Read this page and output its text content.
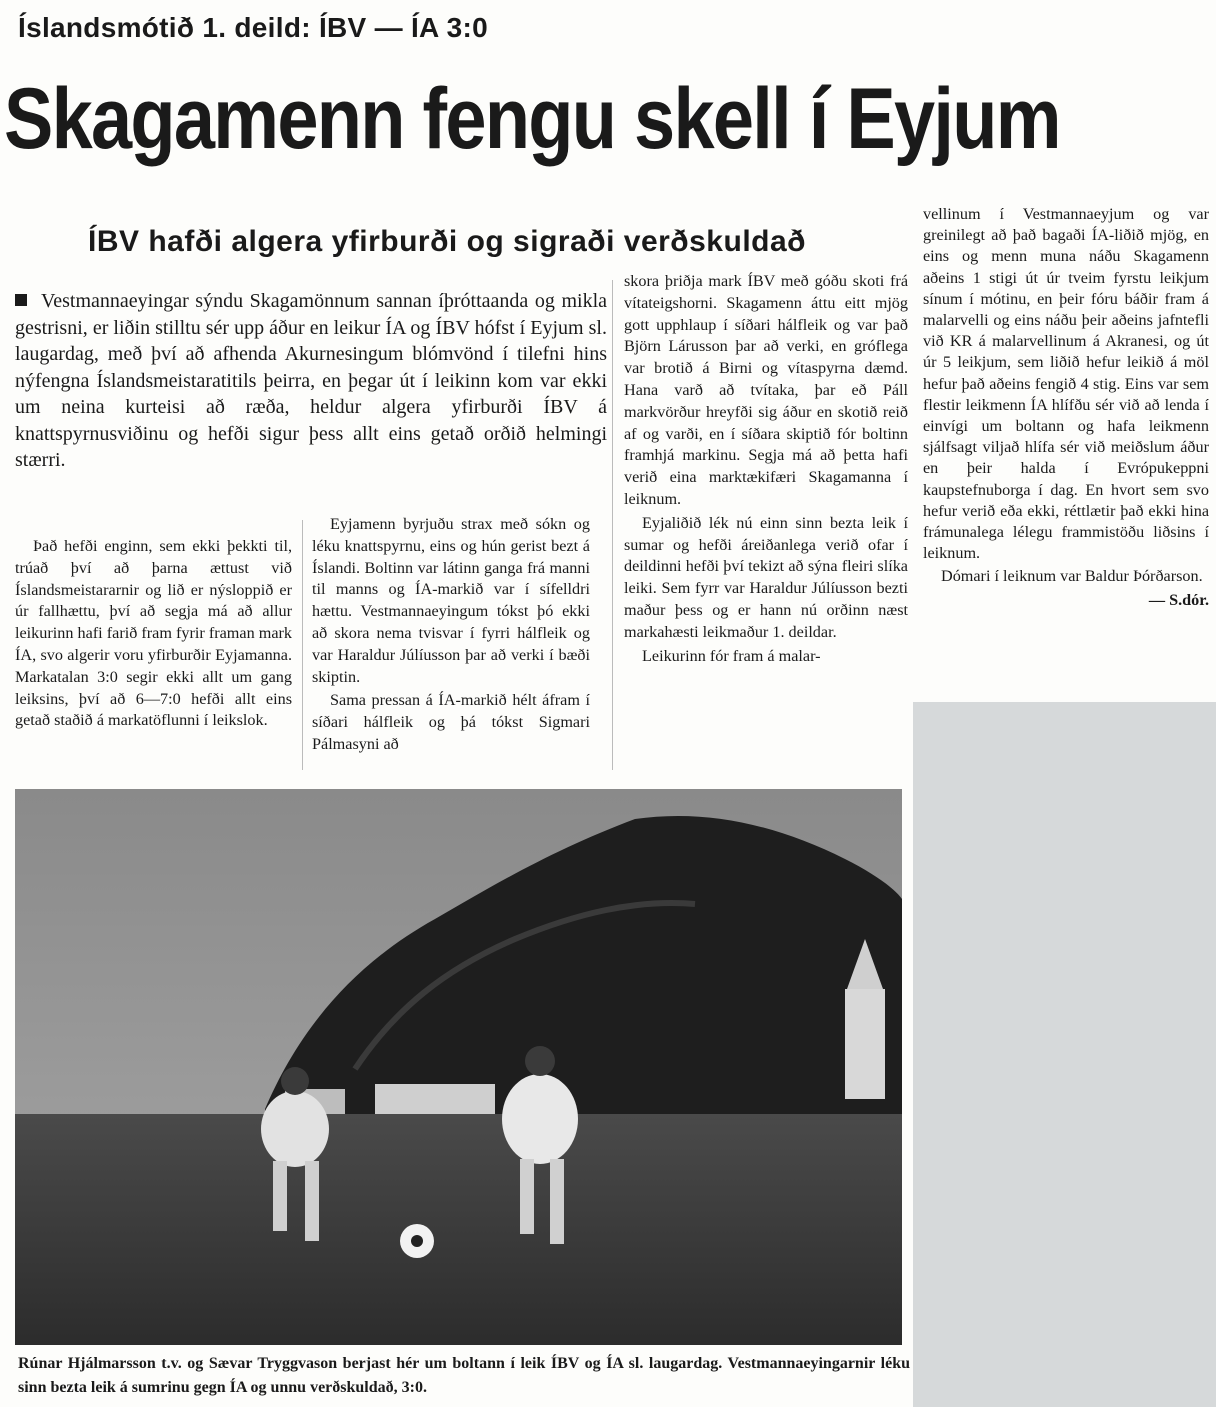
Íslandsmótið 1. deild: ÍBV — ÍA 3:0
Skagamenn fengu skell í Eyjum
ÍBV hafði algera yfirburði og sigraði verðskuldað
Vestmannaeyingar sýndu Skagamönnum sannan íþróttaanda og mikla gestrisni, er liðin stilltu sér upp áður en leikur ÍA og ÍBV hófst í Eyjum sl. laugardag, með því að afhenda Akurnesingum blómvönd í tilefni hins nýfengna Íslandsmeistaratitils þeirra, en þegar út í leikinn kom var ekki um neina kurteisi að ræða, heldur algera yfirburði ÍBV á knattspyrnusviðinu og hefði sigur þess allt eins getað orðið helmingi stærri.

Það hefði enginn, sem ekki þekkti til, trúað því að þarna ættust við Íslandsmeistararnir og lið er nýsloppið er úr fallhættu, því að segja má að allur leikurinn hafi farið fram fyrir framan mark ÍA, svo algerir voru yfirburðir Eyjamanna. Markatalan 3:0 segir ekki allt um gang leiksins, því að 6—7:0 hefði allt eins getað staðið á markatöflunni í leikslok.

Eyjamenn byrjuðu strax með sókn og léku knattspyrnu, eins og hún gerist bezt á Íslandi. Boltinn var látinn ganga frá manni til manns og ÍA-markið var í sífelldri hættu. Vestmannaeyingum tókst þó ekki að skora nema tvisvar í fyrri hálfleik og var Haraldur Júlíusson þar að verki í bæði skiptin.

Sama pressan á ÍA-markið hélt áfram í síðari hálfleik og þá tókst Sigmari Pálmasyni að

skora þriðja mark ÍBV með góðu skoti frá vítateigshorni. Skagamenn áttu eitt mjög gott upphlaup í síðari hálfleik og var það Björn Lárusson þar að verki, en gróflega var brotið á Birni og vítaspyrna dæmd. Hana varð að tvítaka, þar eð Páll markvörður hreyfði sig áður en skotið reið af og varði, en í síðara skiptið fór boltinn framhjá markinu. Segja má að þetta hafi verið eina marktækifæri Skagamanna í leiknum.

Eyjaliðið lék nú einn sinn bezta leik í sumar og hefði áreiðanlega verið ofar í deildinni hefði því tekizt að sýna fleiri slíka leiki. Sem fyrr var Haraldur Júlíusson bezti maður þess og er hann nú orðinn næst markahæsti leikmaður 1. deildar.

Leikurinn fór fram á malar-

vellinum í Vestmannaeyjum og var greinilegt að það bagaði ÍA-liðið mjög, en eins og menn muna náðu Skagamenn aðeins 1 stigi út úr tveim fyrstu leikjum sínum í mótinu, en þeir fóru báðir fram á malarvelli og eins náðu þeir aðeins jafntefli við KR á malarvellinum á Akranesi, og út úr 5 leikjum, sem liðið hefur leikið á möl hefur það aðeins fengið 4 stig. Eins var sem flestir leikmenn ÍA hlífðu sér við að lenda í einvígi um boltann og hafa leikmenn sjálfsagt viljað hlífa sér við meiðslum áður en þeir halda í Evrópukeppni kaupstefnuborga í dag. En hvort sem svo hefur verið eða ekki, réttlætir það ekki hina frámunalega lélegu frammistöðu liðsins í leiknum.

Dómari í leiknum var Baldur Þórðarson.

— S.dór.
Rúnar Hjálmarsson t.v. og Sævar Tryggvason berjast hér um boltann í leik ÍBV og ÍA sl. laugardag. Vestmannaeyingarnir léku sinn bezta leik á sumrinu gegn ÍA og unnu verðskuldað, 3:0.
